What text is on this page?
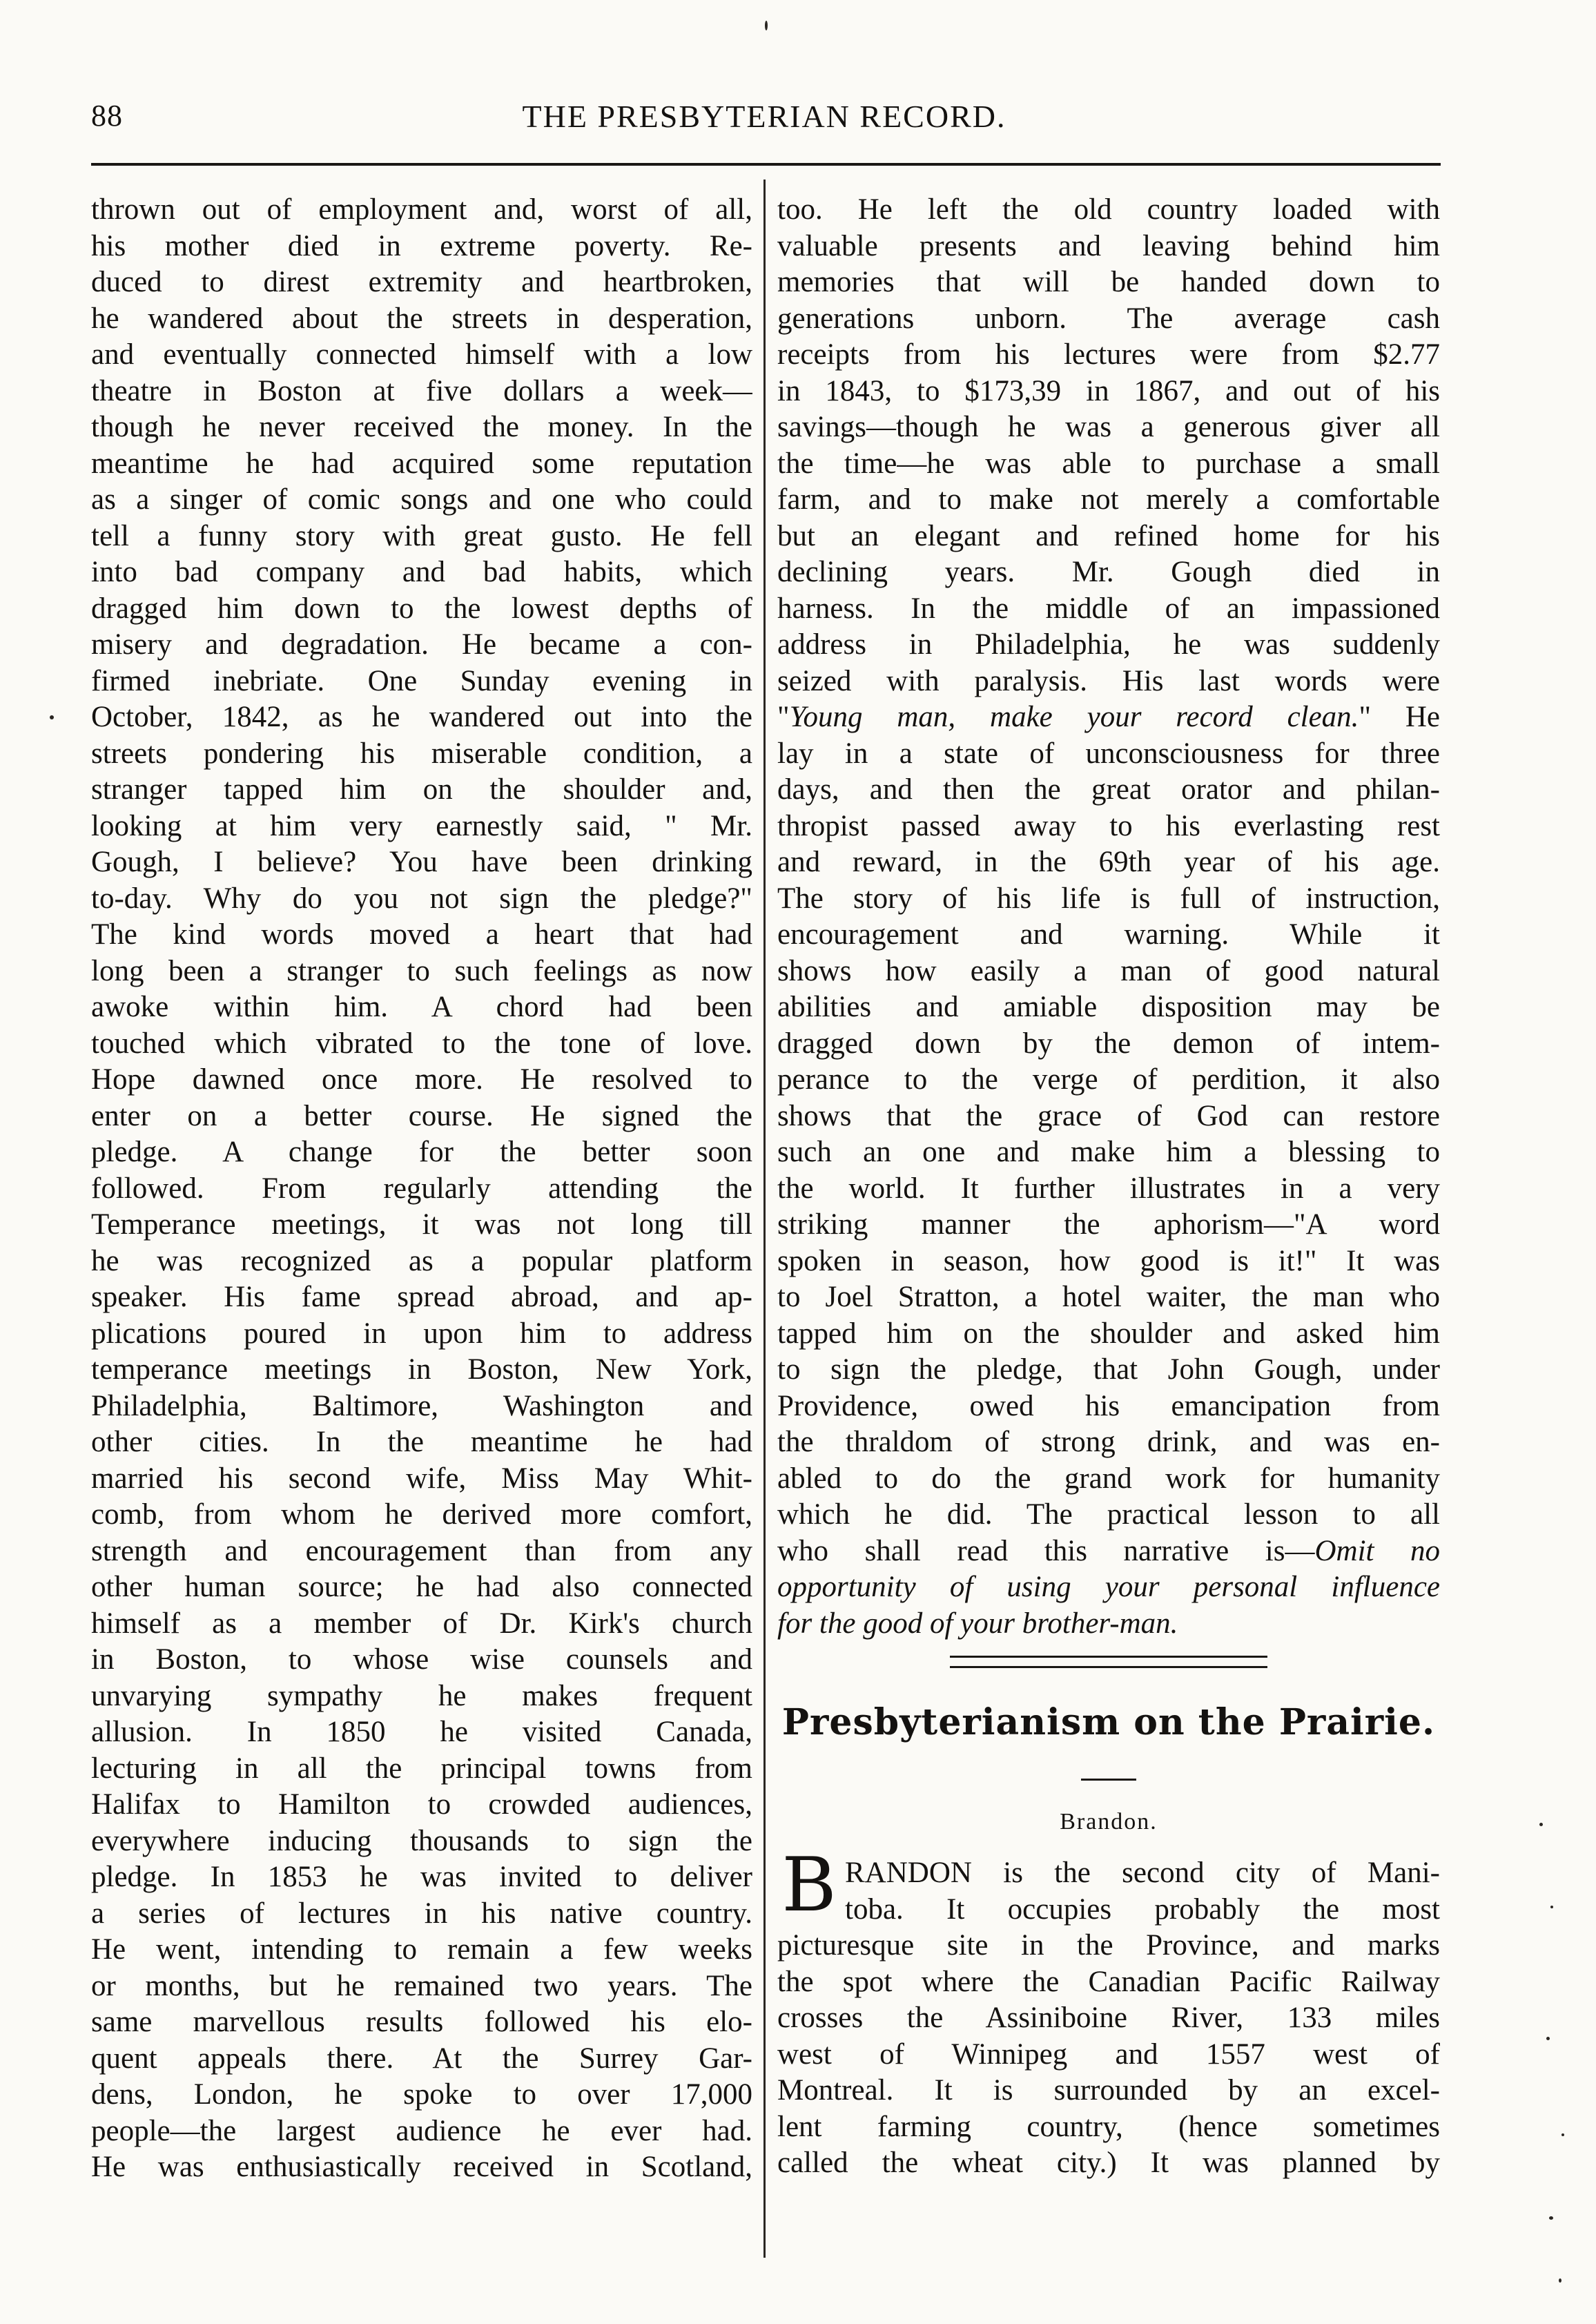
88	THE PRESBYTERIAN RECORD.
thrown out of employment and, worst of all,
his mother died in extreme poverty. Re-
duced to direst extremity and heartbroken,
he wandered about the streets in desperation,
and eventually connected himself with a low
theatre in Boston at five dollars a week—
though he never received the money. In the
meantime he had acquired some reputation
as a singer of comic songs and one who could
tell a funny story with great gusto. He fell
into bad company and bad habits, which
dragged him down to the lowest depths of
misery and degradation. He became a con-
firmed inebriate. One Sunday evening in
October, 1842, as he wandered out into the
streets pondering his miserable condition, a
stranger tapped him on the shoulder and,
looking at him very earnestly said, " Mr.
Gough, I believe? You have been drinking
to-day. Why do you not sign the pledge?"
The kind words moved a heart that had
long been a stranger to such feelings as now
awoke within him. A chord had been
touched which vibrated to the tone of love.
Hope dawned once more. He resolved to
enter on a better course. He signed the
pledge. A change for the better soon
followed. From regularly attending the
Temperance meetings, it was not long till
he was recognized as a popular platform
speaker. His fame spread abroad, and ap-
plications poured in upon him to address
temperance meetings in Boston, New York,
Philadelphia, Baltimore, Washington and
other cities. In the meantime he had
married his second wife, Miss May Whit-
comb, from whom he derived more comfort,
strength and encouragement than from any
other human source; he had also connected
himself as a member of Dr. Kirk's church
in Boston, to whose wise counsels and
unvarying sympathy he makes frequent
allusion. In 1850 he visited Canada,
lecturing in all the principal towns from
Halifax to Hamilton to crowded audiences,
everywhere inducing thousands to sign the
pledge. In 1853 he was invited to deliver
a series of lectures in his native country.
He went, intending to remain a few weeks
or months, but he remained two years. The
same marvellous results followed his elo-
quent appeals there. At the Surrey Gar-
dens, London, he spoke to over 17,000
people—the largest audience he ever had.
He was enthusiastically received in Scotland,
too. He left the old country loaded with
valuable presents and leaving behind him
memories that will be handed down to
generations unborn. The average cash
receipts from his lectures were from $2.77
in 1843, to $173,39 in 1867, and out of his
savings—though he was a generous giver all
the time—he was able to purchase a small
farm, and to make not merely a comfortable
but an elegant and refined home for his
declining years. Mr. Gough died in
harness. In the middle of an impassioned
address in Philadelphia, he was suddenly
seized with paralysis. His last words were
"Young man, make your record clean." He
lay in a state of unconsciousness for three
days, and then the great orator and philan-
thropist passed away to his everlasting rest
and reward, in the 69th year of his age.
The story of his life is full of instruction,
encouragement and warning. While it
shows how easily a man of good natural
abilities and amiable disposition may be
dragged down by the demon of intem-
perance to the verge of perdition, it also
shows that the grace of God can restore
such an one and make him a blessing to
the world. It further illustrates in a very
striking manner the aphorism—"A word
spoken in season, how good is it!" It was
to Joel Stratton, a hotel waiter, the man who
tapped him on the shoulder and asked him
to sign the pledge, that John Gough, under
Providence, owed his emancipation from
the thraldom of strong drink, and was en-
abled to do the grand work for humanity
which he did. The practical lesson to all
who shall read this narrative is—Omit no
opportunity of using your personal influence
for the good of your brother-man.
Presbyterianism on the Prairie.
Brandon.
B RANDON is the second city of Mani-
toba. It occupies probably the most
picturesque site in the Province, and marks
the spot where the Canadian Pacific Railway
crosses the Assiniboine River, 133 miles
west of Winnipeg and 1557 west of
Montreal. It is surrounded by an excel-
lent farming country, (hence sometimes
called the wheat city.) It was planned by
